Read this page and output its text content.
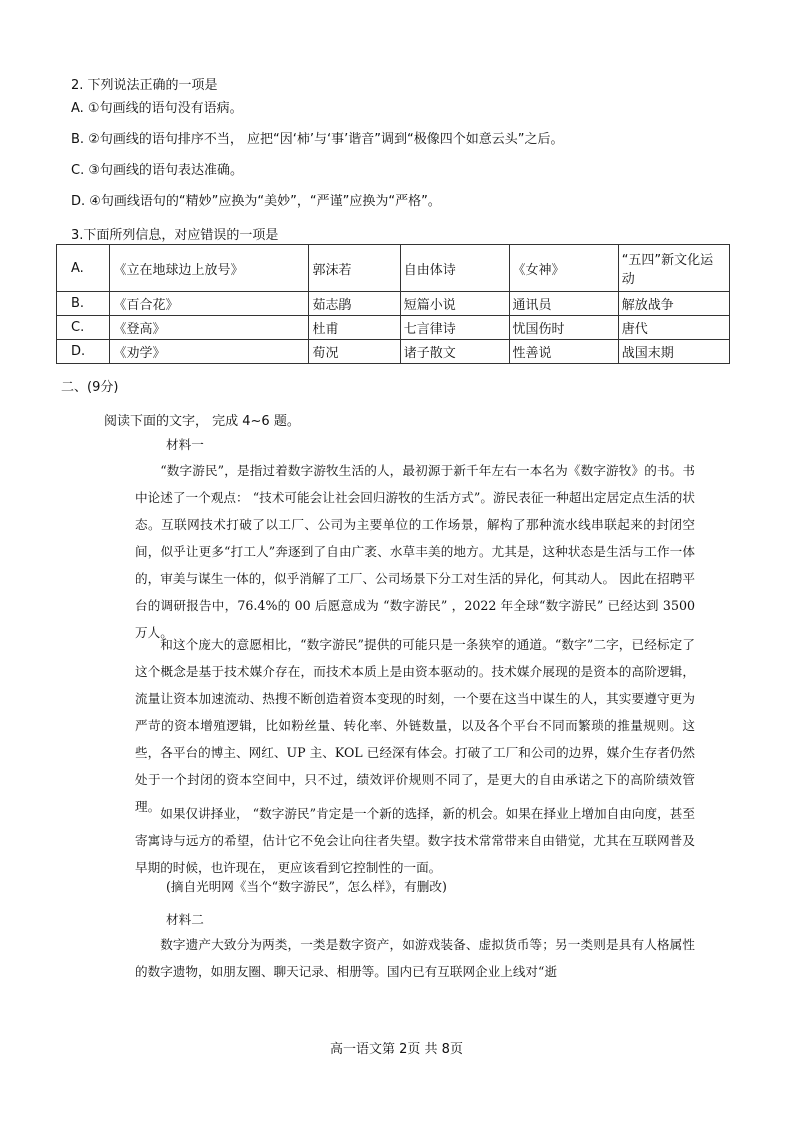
2. 下列说法正确的一项是
A. ①句画线的语句没有语病。
B. ②句画线的语句排序不当， 应把“因‘柿’与‘事’谐音”调到“极像四个如意云头”之后。
C. ③句画线的语句表达准确。
D. ④句画线语句的“精妙”应换为“美妙”，“严谨”应换为“严格”。
3.下面所列信息，对应错误的一项是
A.	《立在地球边上放号》	郭沫若	自由体诗	《女神》	“五四”新文化运动
B.	《百合花》	茹志鹃	短篇小说	通讯员	解放战争
C.	《登高》	杜甫	七言律诗	忧国伤时	唐代
D.	《劝学》	荀况	诸子散文	性善说	战国末期
二、(9分)
阅读下面的文字， 完成 4~6 题。
材料一
“数字游民”，是指过着数字游牧生活的人，最初源于新千年左右一本名为《数字游牧》的书。书中论述了一个观点： “技术可能会让社会回归游牧的生活方式”。游民表征一种超出定居定点生活的状态。互联网技术打破了以工厂、公司为主要单位的工作场景，解构了那种流水线串联起来的封闭空间，似乎让更多“打工人”奔逐到了自由广袤、水草丰美的地方。尤其是，这种状态是生活与工作一体的，审美与谋生一体的，似乎消解了工厂、公司场景下分工对生活的异化，何其动人。 因此在招聘平台的调研报告中，76.4%的 00 后愿意成为 “数字游民” ，2022 年全球“数字游民” 已经达到 3500 万人。
和这个庞大的意愿相比，“数字游民”提供的可能只是一条狭窄的通道。“数字”二字，已经标定了这个概念是基于技术媒介存在，而技术本质上是由资本驱动的。技术媒介展现的是资本的高阶逻辑，流量让资本加速流动、热搜不断创造着资本变现的时刻，一个要在这当中谋生的人，其实要遵守更为严苛的资本增殖逻辑，比如粉丝量、转化率、外链数量，以及各个平台不同而繁琐的推量规则。这些，各平台的博主、网红、UP 主、KOL 已经深有体会。打破了工厂和公司的边界，媒介生存者仍然处于一个封闭的资本空间中，只不过，绩效评价规则不同了，是更大的自由承诺之下的高阶绩效管理。 如果仅讲择业， “数字游民”肯定是一个新的选择，新的机会。如果在择业上增加自由向度，甚至寄寓诗与远方的希望，估计它不免会让向往者失望。数字技术常常带来自由错觉，尤其在互联网普及早期的时候，也许现在， 更应该看到它控制性的一面。
(摘自光明网《当个“数字游民”，怎么样》，有删改)
材料二
数字遗产大致分为两类，一类是数字资产，如游戏装备、虚拟货币等；另一类则是具有人格属性的数字遗物，如朋友圈、聊天记录、相册等。国内已有互联网企业上线对“逝
高一语文第 2页 共 8页
